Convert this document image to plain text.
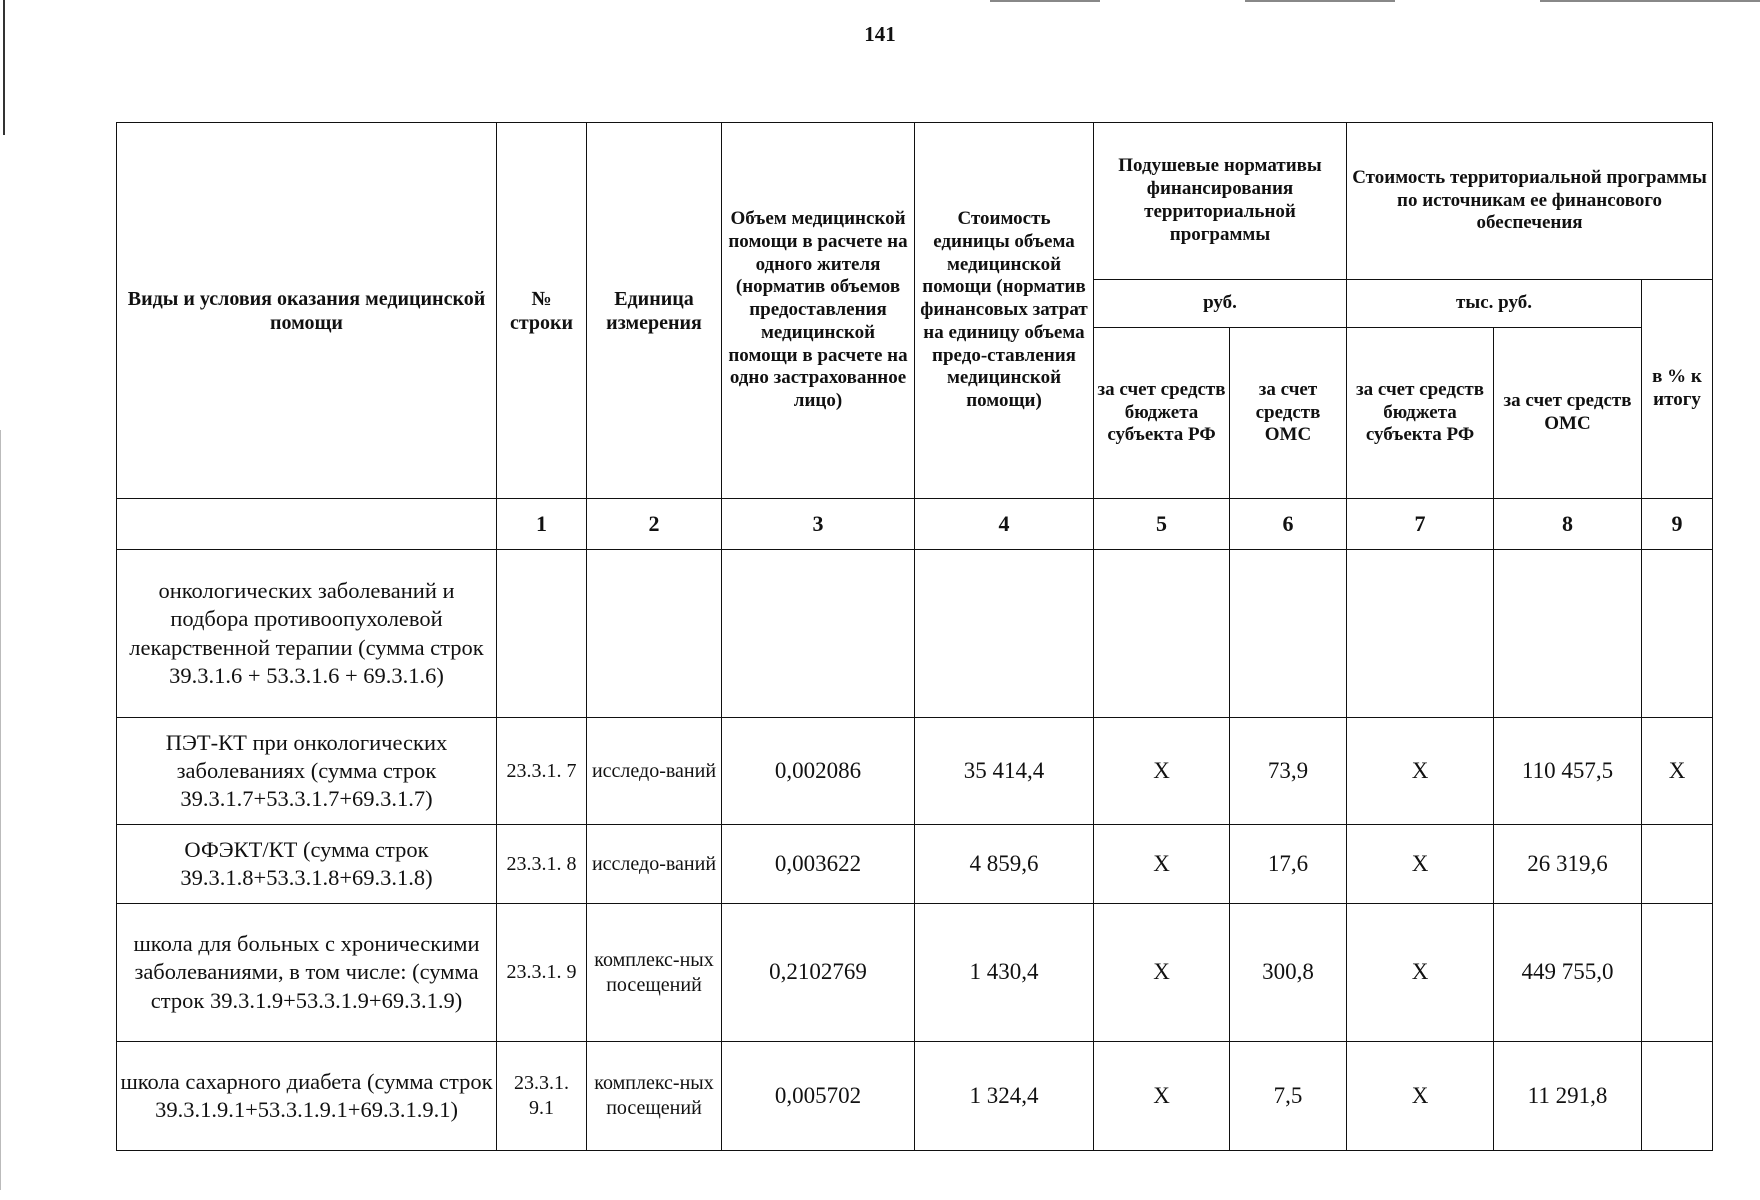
141
Виды и условия оказания медицинской помощи	№ строки	Единица измерения	Объем медицинской помощи в расчете на одного жителя (норматив объемов предоставления медицинской помощи в расчете на одно застрахованное лицо)	Стоимость единицы объема медицинской помощи (норматив финансовых затрат на единицу объема предо-ставления медицинской помощи)	Подушевые нормативы финансирования территориальной программы		Стоимость территориальной программы по источникам ее финансового обеспечения		
					руб.		тыс. руб.		в % к итогу
					за счет средств бюджета субъекта РФ	за счет средств ОМС	за счет средств бюджета субъекта РФ	за счет средств ОМС	
	1	2	3	4	5	6	7	8	9
онкологических заболеваний и подбора противоопухолевой лекарственной терапии (сумма строк 39.3.1.6 + 53.3.1.6 + 69.3.1.6)									
ПЭТ-КТ при онкологических заболеваниях (сумма строк 39.3.1.7+53.3.1.7+69.3.1.7)	23.3.1. 7	исследо-ваний	0,002086	35 414,4	X	73,9	X	110 457,5	X
ОФЭКТ/КТ (сумма строк 39.3.1.8+53.3.1.8+69.3.1.8)	23.3.1. 8	исследо-ваний	0,003622	4 859,6	X	17,6	X	26 319,6	
школа для больных с хроническими заболеваниями, в том числе: (сумма строк 39.3.1.9+53.3.1.9+69.3.1.9)	23.3.1. 9	комплекс-ных посещений	0,2102769	1 430,4	X	300,8	X	449 755,0	
школа сахарного диабета (сумма строк 39.3.1.9.1+53.3.1.9.1+69.3.1.9.1)	23.3.1. 9.1	комплекс-ных посещений	0,005702	1 324,4	X	7,5	X	11 291,8	
